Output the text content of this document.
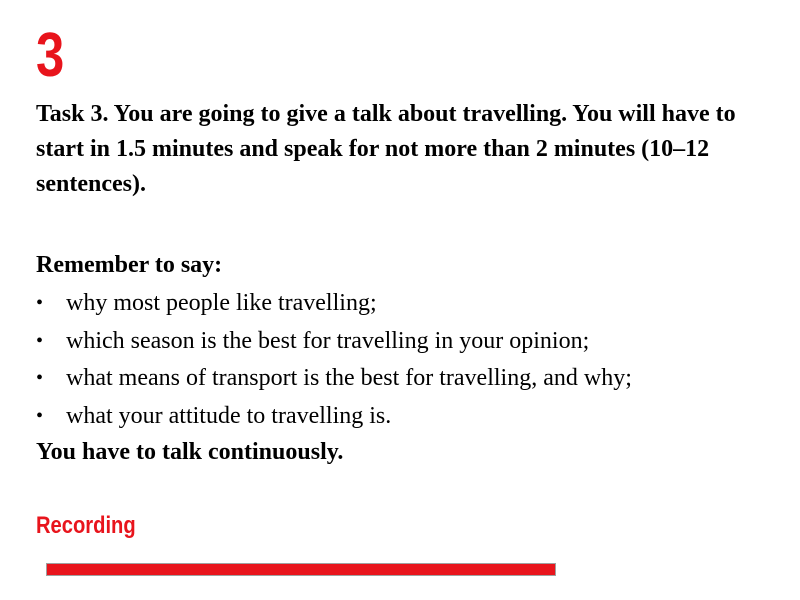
3

Task 3. You are going to give a talk about travelling. You will have to start in 1.5 minutes and speak for not more than 2 minutes (10–12 sentences).

Remember to say:

• why most people like travelling;
• which season is the best for travelling in your opinion;
• what means of transport is the best for travelling, and why;
• what your attitude to travelling is.

You have to talk continuously.

Recording
